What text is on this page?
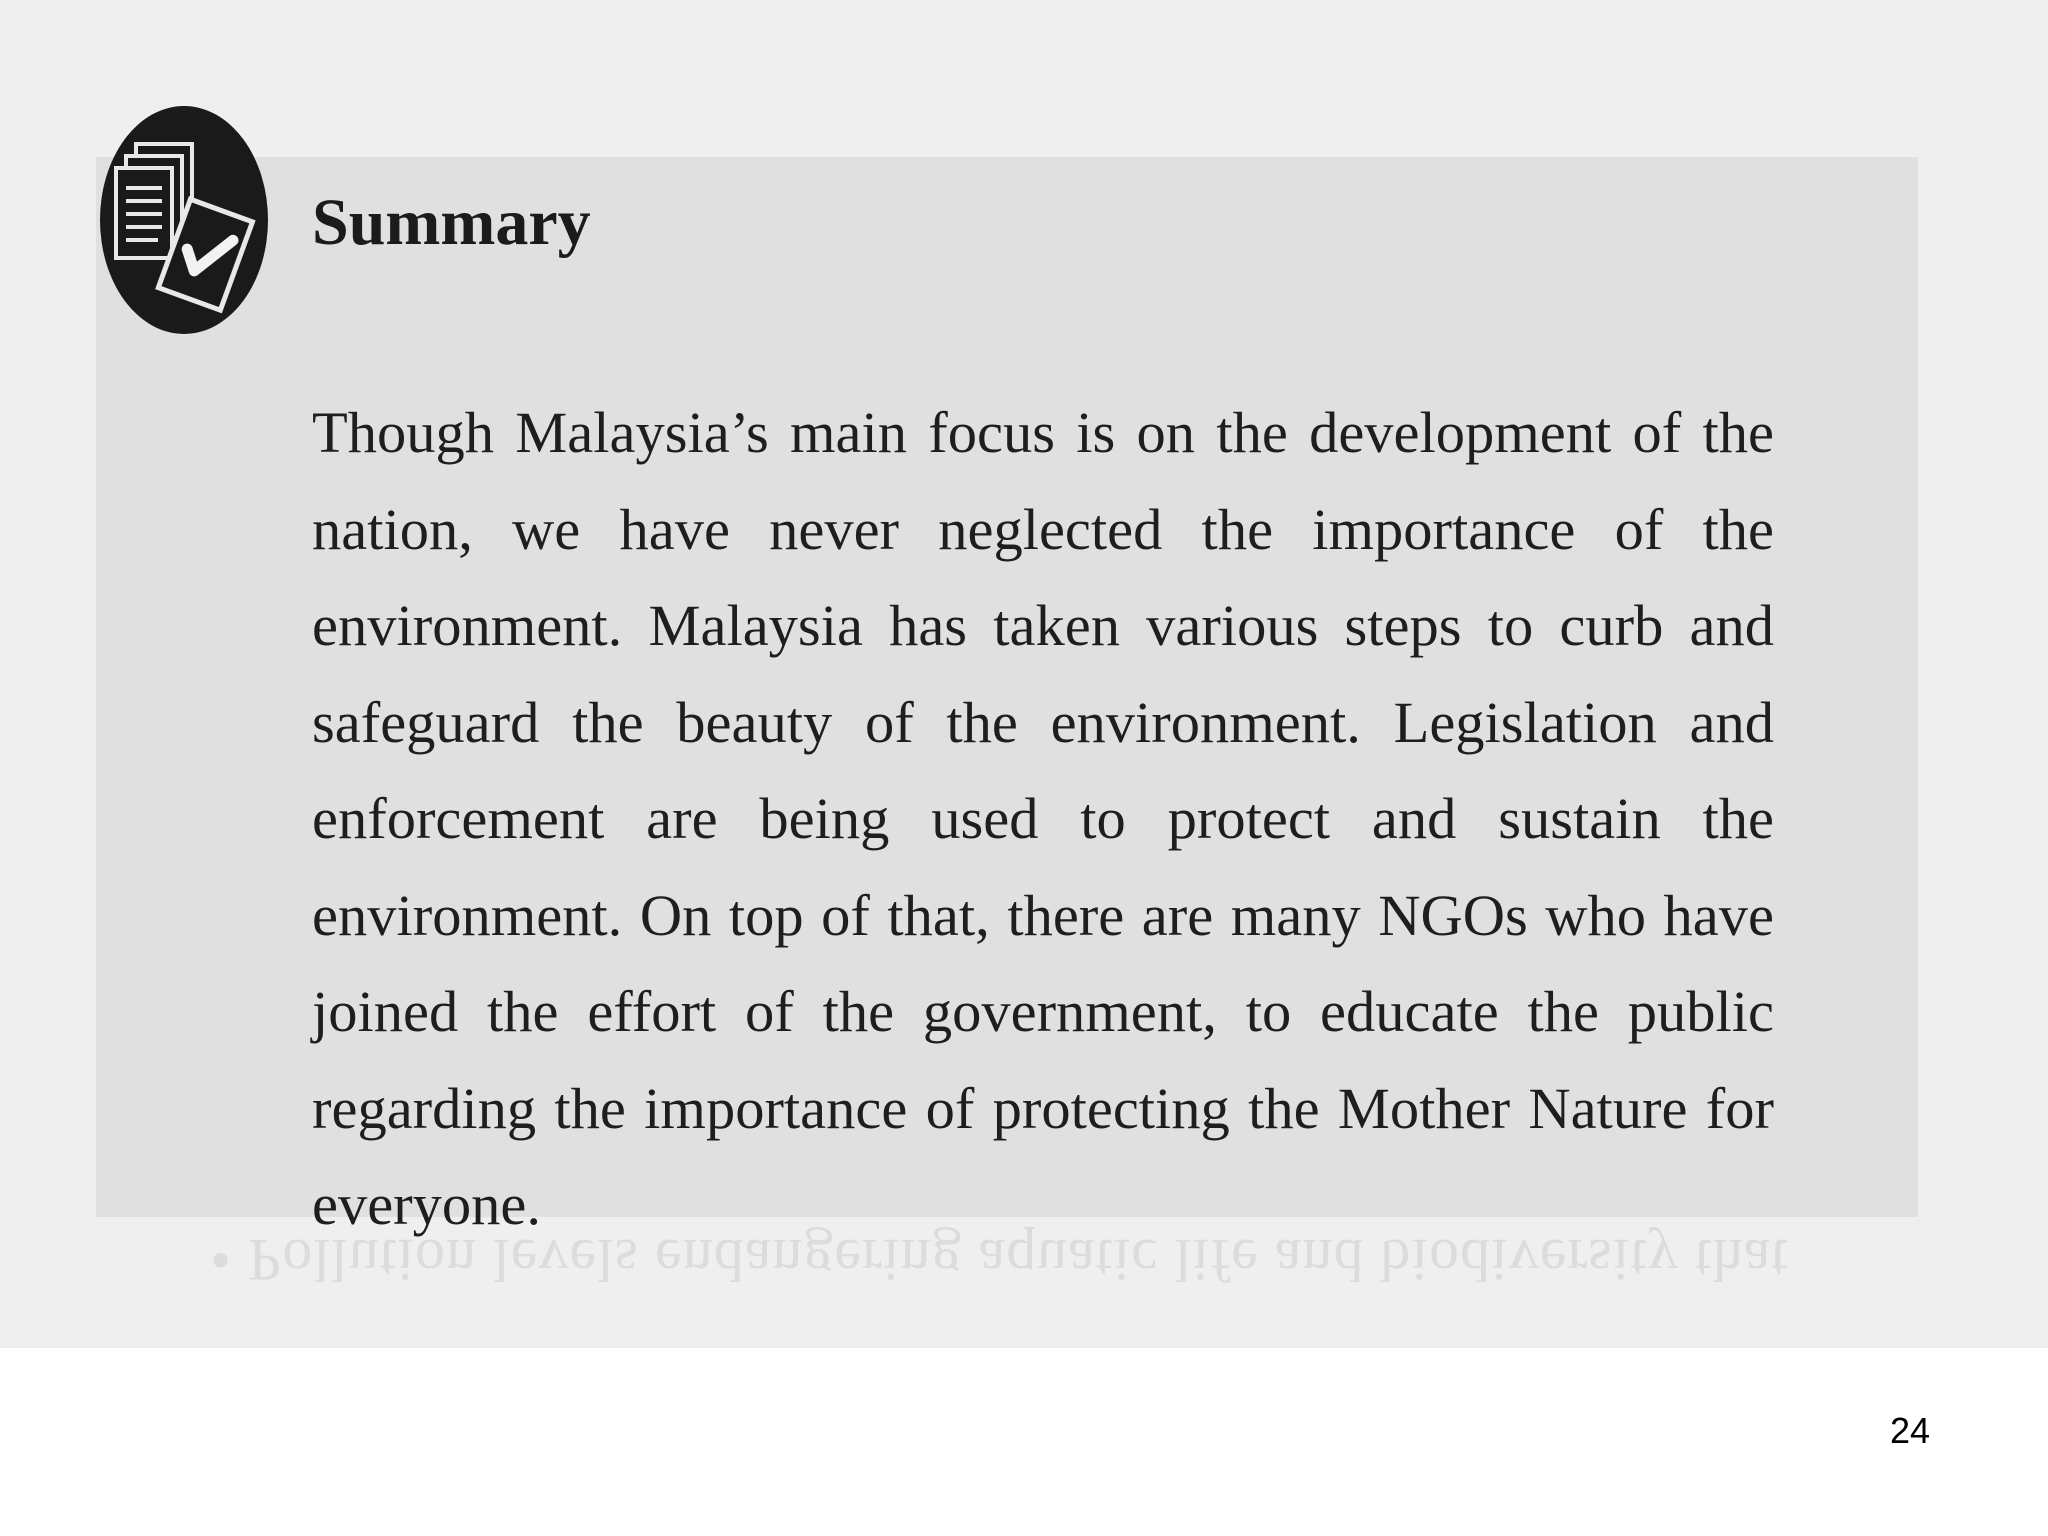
• Pollution levels endangering aquatic life and biodiversity that
Summary

Though Malaysia’s main focus is on the development of the nation, we have never neglected the importance of the environment. Malaysia has taken various steps to curb and safeguard the beauty of the environment. Legislation and enforcement are being used to protect and sustain the environment. On top of that, there are many NGOs who have joined the effort of the government, to educate the public regarding the importance of protecting the Mother Nature for everyone.

24
